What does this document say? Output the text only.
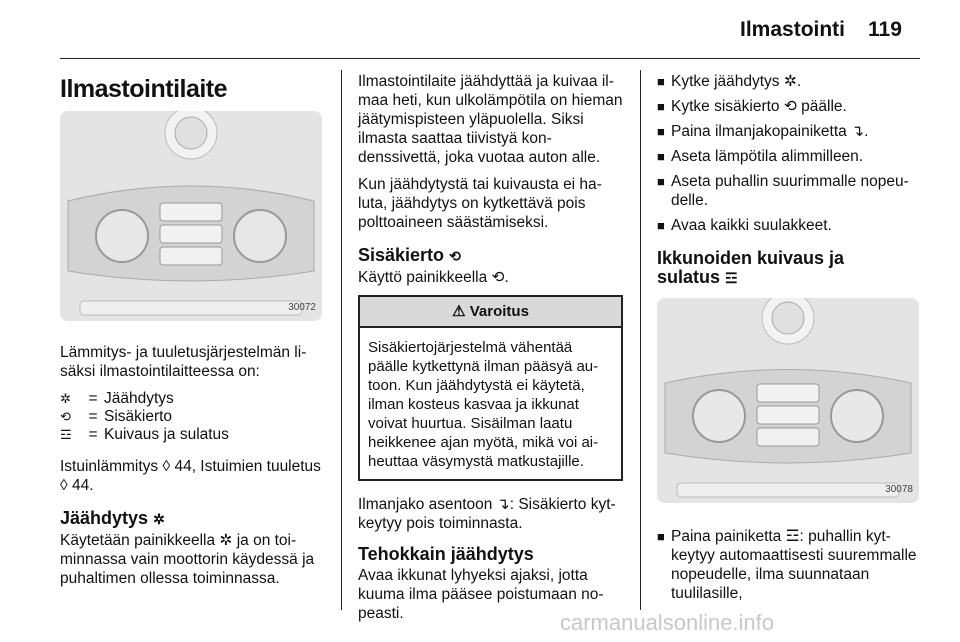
Ilmastointi 119
Ilmastointilaite
30072

Lämmitys- ja tuuletusjärjestelmän lisäksi ilmastointilaitteessa on:

✲	= Jäähdytys
⟲	= Sisäkierto
☲	= Kuivaus ja sulatus

Istuinlämmitys ◊ 44, Istuimien tuuletus ◊ 44.

Jäähdytys ✲

Käytetään painikkeella ✲ ja on toiminnassa vain moottorin käydessä ja puhaltimen ollessa toiminnassa.

Ilmastointilaite jäähdyttää ja kuivaa ilmaa heti, kun ulkolämpötila on hieman jäätymispisteen yläpuolella. Siksi ilmasta saattaa tiivistyä kondenssivettä, joka vuotaa auton alle.

Kun jäähdytystä tai kuivausta ei haluta, jäähdytys on kytkettävä pois polttoaineen säästämiseksi.

Sisäkierto ⟲

Käyttö painikkeella ⟲.

⚠ Varoitus
Sisäkiertojärjestelmä vähentää päälle kytkettynä ilman pääsyä autoon. Kun jäähdytystä ei käytetä, ilman kosteus kasvaa ja ikkunat voivat huurtua. Sisäilman laatu heikkenee ajan myötä, mikä voi aiheuttaa väsymystä matkustajille.

Ilmanjako asentoon ↴: Sisäkierto kytkeytyy pois toiminnasta.

Tehokkain jäähdytys

Avaa ikkunat lyhyeksi ajaksi, jotta kuuma ilma pääsee poistumaan nopeasti.

■ Kytke jäähdytys ✲.
■ Kytke sisäkierto ⟲ päälle.
■ Paina ilmanjakopainiketta ↴.
■ Aseta lämpötila alimmilleen.
■ Aseta puhallin suurimmalle nopeudelle.
■ Avaa kaikki suulakkeet.
Ikkunoiden kuivaus ja sulatus ☲
30078
■ Paina painiketta ☲: puhallin kytkeytyy automaattisesti suuremmalle nopeudelle, ilma suunnataan tuulilasille,
carmanualsonline.info
